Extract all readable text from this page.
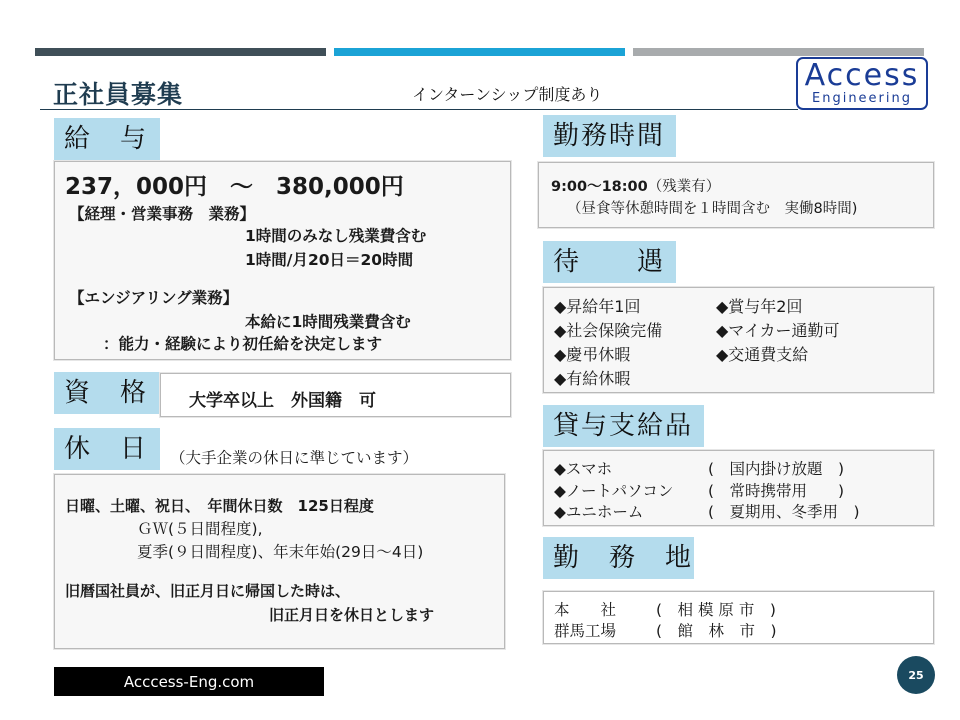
正社員募集	インターンシップ制度あり
Access
Engineering
給　与
237，000円　～　380,000円
【経理・営業事務　業務】
1時間のみなし残業費含む
1時間/月20日＝20時間
【エンジアリング業務】
本給に1時間残業費含む
：能力・経験により初任給を決定します
資　格	大学卒以上　外国籍　可
休　日	（大手企業の休日に準じています）
日曜、土曜、祝日、　年間休日数　125日程度
ＧＷ(５日間程度),
夏季(９日間程度)、年末年始(29日～4日)
旧暦国社員が、旧正月日に帰国した時は、
旧正月日を休日とします
勤務時間
9:00～18:00（残業有）
（昼食等休憩時間を１時間含む　実働8時間)
待　　遇
◆昇給年1回	◆賞与年2回
◆社会保険完備	◆マイカー通勤可
◆慶弔休暇	◆交通費支給
◆有給休暇
貸与支給品
◆スマホ	(　国内掛け放題　)
◆ノートパソコン (　常時携帯用　　)
◆ユニホーム	(　夏期用、冬季用　)
勤　務　地
本　　社	(　相 模 原 市　)
群馬工場	(　館　林　市　)
Acccess-Eng.com	25
